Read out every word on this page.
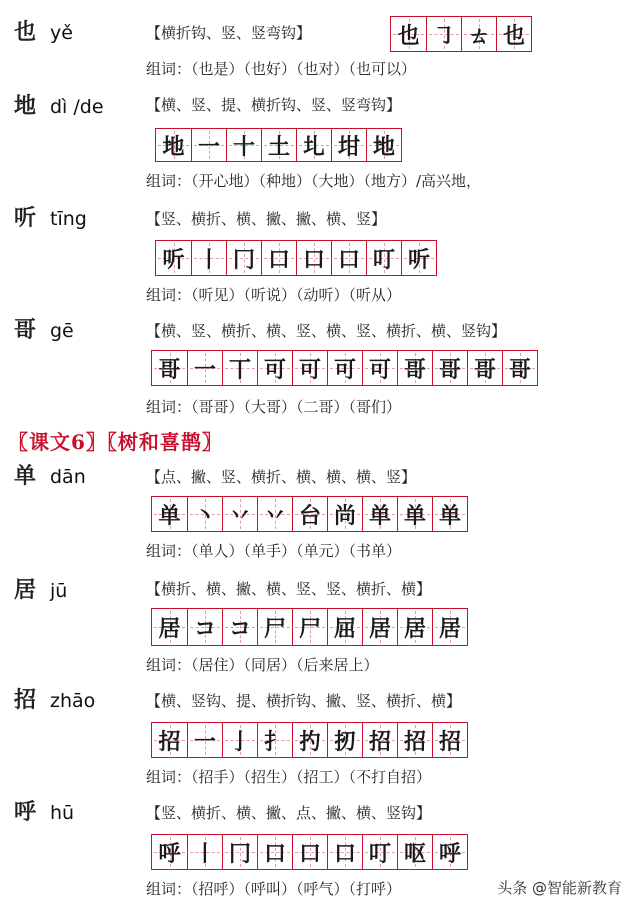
也 yě	【横折钩、竖、竖弯钩】	也 ㇆ ㄊ 也
组词：（也是）（也好）（也对）（也可以）
地 dì /de	【横、竖、提、横折钩、竖、竖弯钩】
地 一 十 土 圠 坩 地
组词：（开心地）（种地）（大地）（地方）/高兴地，
听 tīng	【竖、横折、横、撇、撇、横、竖】
听 丨 冂 口 口 口 叮 听
组词：（听见）（听说）（动听）（听从）
哥 gē	【横、竖、横折、横、竖、横、竖、横折、横、竖钩】
哥 一 丅 可 可 可 可 哥 哥 哥 哥
组词：（哥哥）（大哥）（二哥）（哥们）
〖课文6〗〖树和喜鹊〗
单 dān	【点、撇、竖、横折、横、横、横、竖】
单 丶 丷 丷 台 尚 单 单 单
组词：（单人）（单手）（单元）（书单）
居 jū	【横折、横、撇、横、竖、竖、横折、横】
居 コ コ 尸 尸 屈 居 居 居
组词：（居住）（同居）（后来居上）
招 zhāo	【横、竖钩、提、横折钩、撇、竖、横折、横】
招 一 亅 扌 扚 扨 招 招 招
组词：（招手）（招生）（招工）（不打自招）
呼 hū	【竖、横折、横、撇、点、撇、横、竖钩】
呼 丨 冂 口 口 口 叮 呕 呼
组词：（招呼）（呼叫）（呼气）（打呼）	头条 @智能新教育
